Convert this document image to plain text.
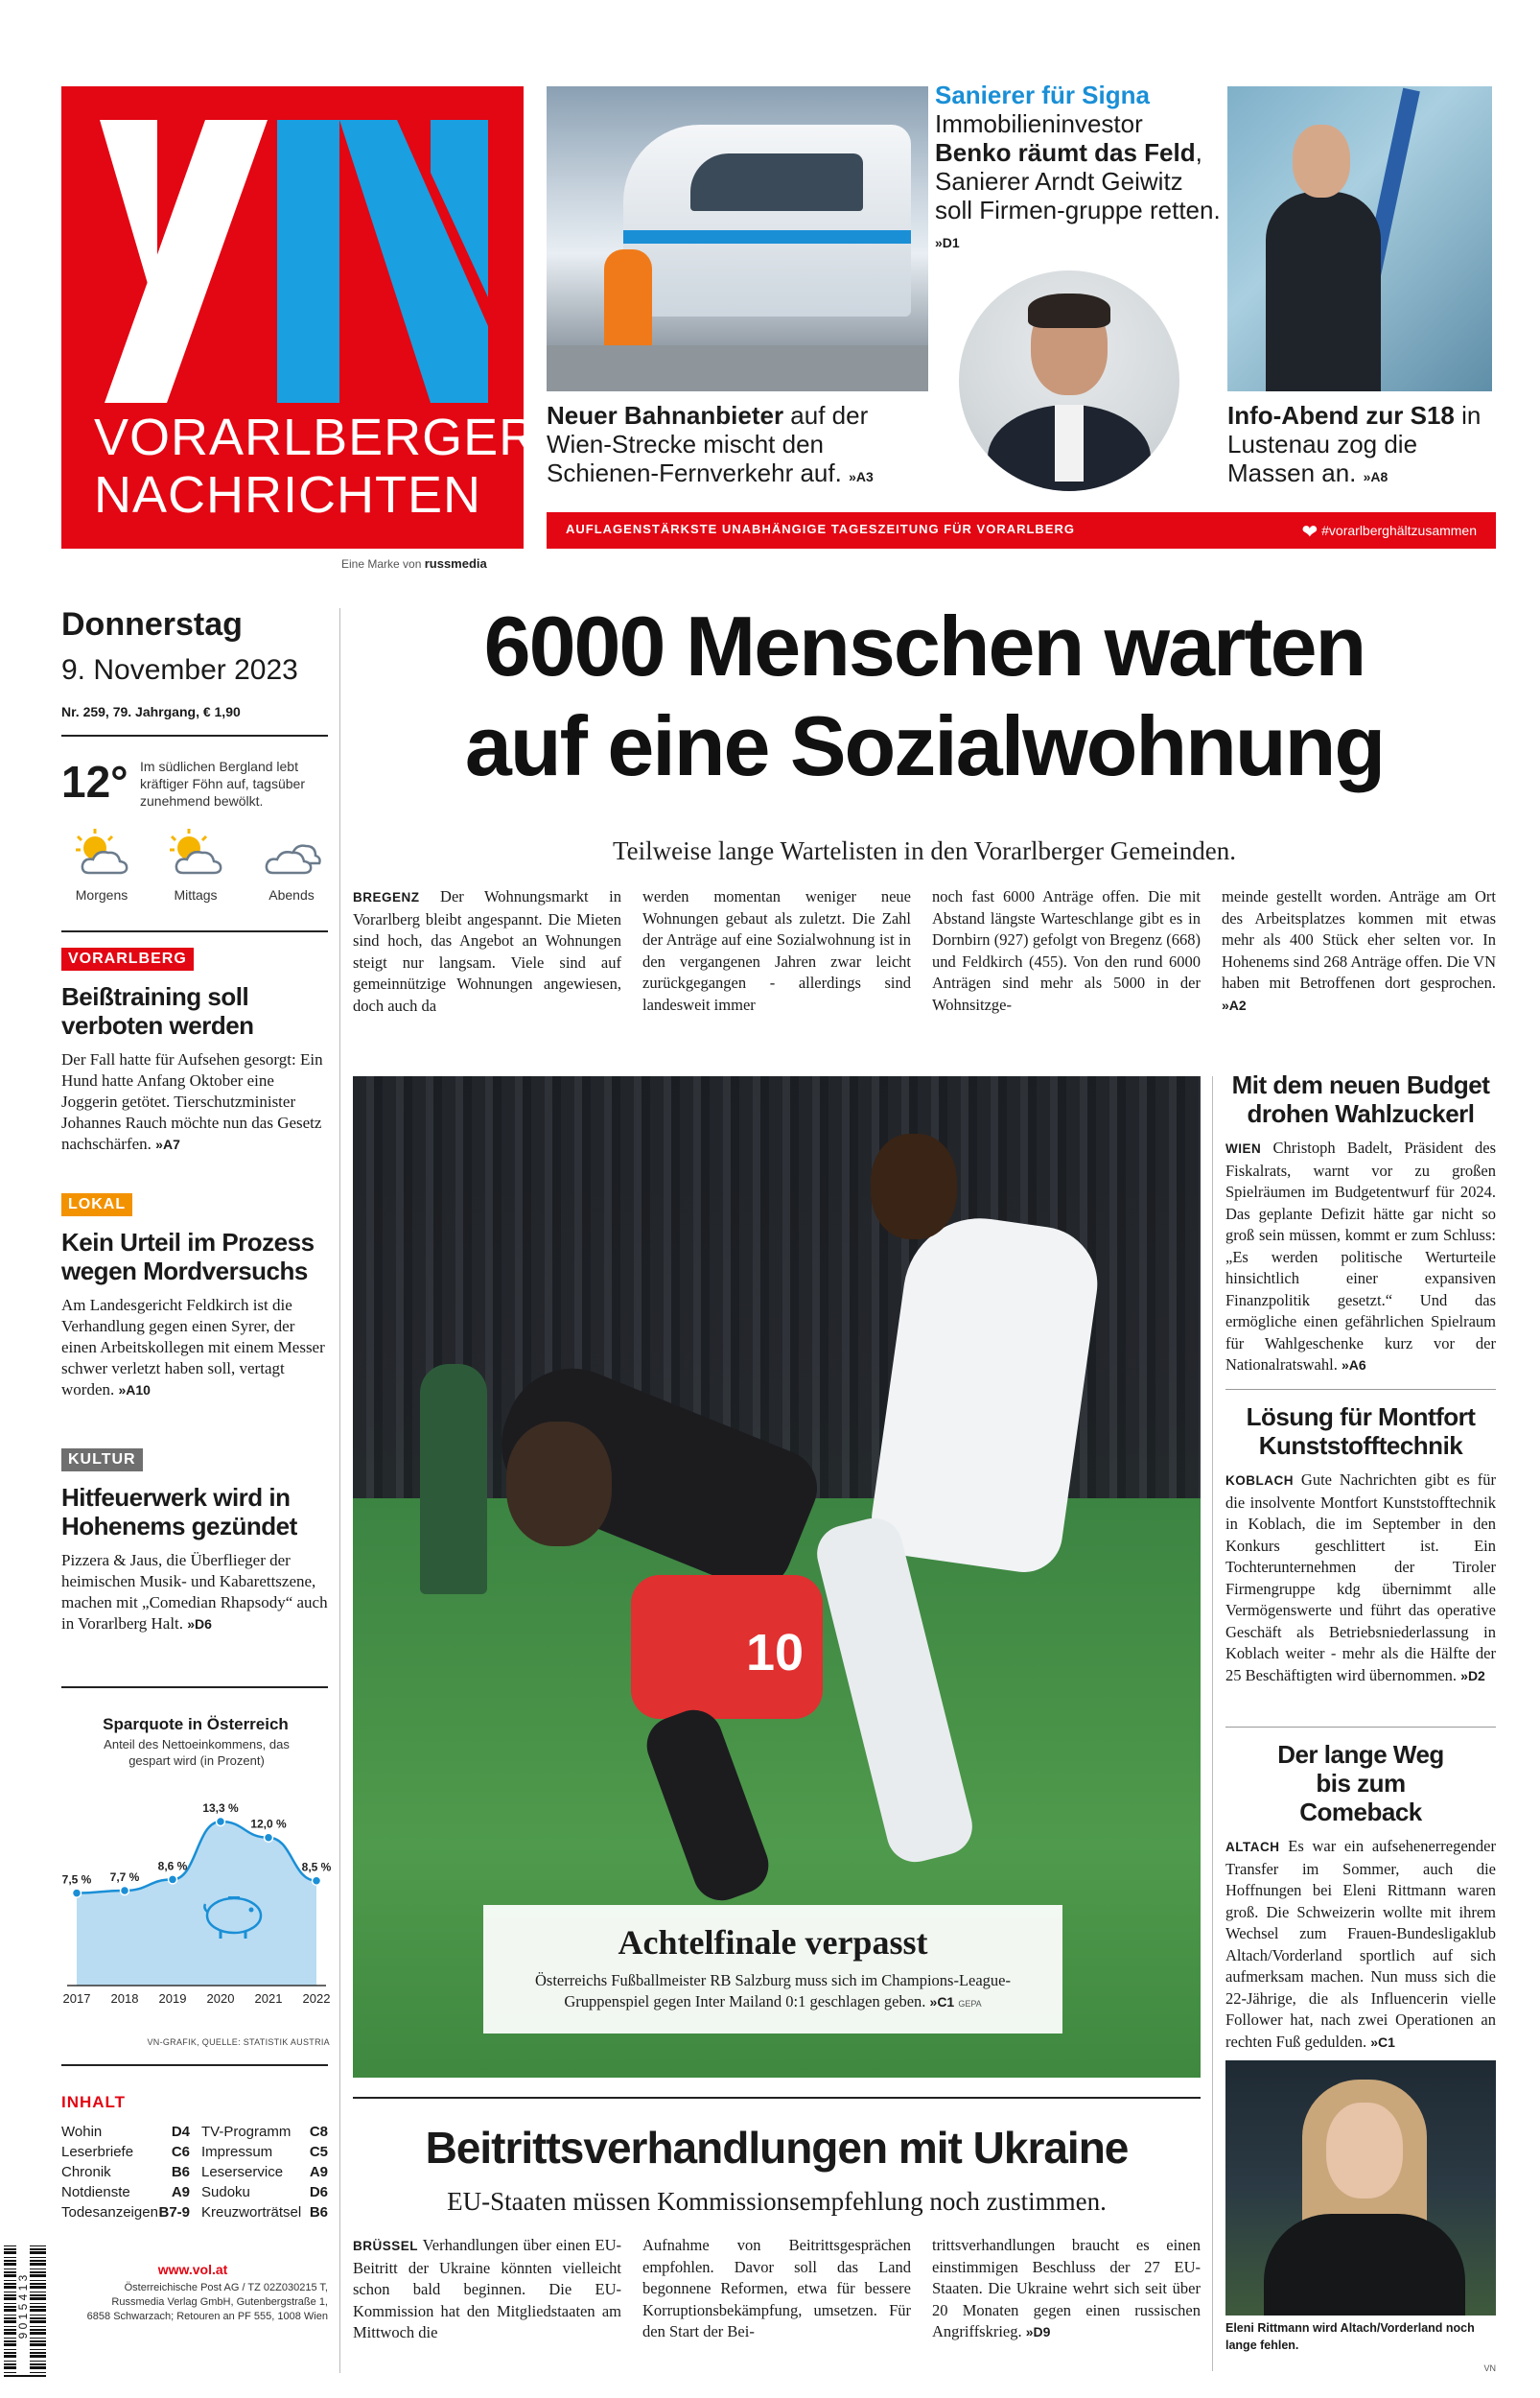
VORARLBERGER
NACHRICHTEN
Eine Marke von russmedia
Neuer Bahnanbieter auf der Wien-Strecke mischt den Schienen-Fernverkehr auf. »A3
Sanierer für Signa
Immobilieninvestor
Benko räumt das Feld, Sanierer Arndt Geiwitz soll Firmen-gruppe retten. »D1
Info-Abend zur S18 in Lustenau zog die Massen an. »A8
AUFLAGENSTÄRKSTE UNABHÄNGIGE TAGESZEITUNG FÜR VORARLBERG	❤ #vorarlberghältzusammen
Donnerstag
9. November 2023
Nr. 259, 79. Jahrgang, € 1,90
12° Im südlichen Bergland lebt kräftiger Föhn auf, tagsüber zunehmend bewölkt.
Morgens	Mittags	Abends
VORARLBERG
Beißtraining soll verboten werden
Der Fall hatte für Aufsehen gesorgt: Ein Hund hatte Anfang Oktober eine Joggerin getötet. Tierschutzminister Johannes Rauch möchte nun das Gesetz nachschärfen. »A7
LOKAL
Kein Urteil im Prozess wegen Mordversuchs
Am Landesgericht Feldkirch ist die Verhandlung gegen einen Syrer, der einen Arbeitskollegen mit einem Messer schwer verletzt haben soll, vertagt worden. »A10
KULTUR
Hitfeuerwerk wird in Hohenems gezündet
Pizzera & Jaus, die Überflieger der heimischen Musik- und Kabarettszene, machen mit „Comedian Rhapsody“ auch in Vorarlberg Halt. »D6
Sparquote in Österreich
Anteil des Nettoeinkommens, das gespart wird (in Prozent)
7,5 %
2017
7,7 %
2018
8,6 %
2019
13,3 %
2020
12,0 %
2021
8,5 %
2022
VN-GRAFIK, QUELLE: STATISTIK AUSTRIA
INHALT
Wohin	D4
Leserbriefe	C6
Chronik	B6
Notdienste	A9
Todesanzeigen B7-9
TV-Programm C8
Impressum	C5
Leserservice A9
Sudoku	D6
Kreuzworträtsel B6
9 0 1 5 4 1 3
www.vol.at
Österreichische Post AG / TZ 02Z030215 T,
Russmedia Verlag GmbH, Gutenbergstraße 1,
6858 Schwarzach; Retouren an PF 555, 1008 Wien
6000 Menschen warten
auf eine Sozialwohnung
Teilweise lange Wartelisten in den Vorarlberger Gemeinden.
BREGENZ Der Wohnungsmarkt in Vorarlberg bleibt angespannt. Die Mieten sind hoch, das Angebot an Wohnungen steigt nur langsam. Viele sind auf gemeinnützige Wohnungen angewiesen, doch auch da
werden momentan weniger neue Wohnungen gebaut als zuletzt. Die Zahl der Anträge auf eine Sozialwohnung ist in den vergangenen Jahren zwar leicht zurückgegangen - allerdings sind landesweit immer
noch fast 6000 Anträge offen. Die mit Abstand längste Warteschlange gibt es in Dornbirn (927) gefolgt von Bregenz (668) und Feldkirch (455). Von den rund 6000 Anträgen sind mehr als 5000 in der Wohnsitzge-
meinde gestellt worden. Anträge am Ort des Arbeitsplatzes kommen mit etwas mehr als 400 Stück eher selten vor. In Hohenems sind 268 Anträge offen. Die VN haben mit Betroffenen dort gesprochen. »A2
10
Achtelfinale verpasst
Österreichs Fußballmeister RB Salzburg muss sich im Champions-League-Gruppenspiel gegen Inter Mailand 0:1 geschlagen geben. »C1 GEPA
Beitrittsverhandlungen mit Ukraine
EU-Staaten müssen Kommissionsempfehlung noch zustimmen.
BRÜSSEL Verhandlungen über einen EU-Beitritt der Ukraine könnten vielleicht schon bald beginnen. Die EU-Kommission hat den Mitgliedstaaten am Mittwoch die
Aufnahme von Beitrittsgesprächen empfohlen. Davor soll das Land begonnene Reformen, etwa für bessere Korruptionsbekämpfung, umsetzen. Für den Start der Bei-
trittsverhandlungen braucht es einen einstimmigen Beschluss der 27 EU-Staaten. Die Ukraine wehrt sich seit über 20 Monaten gegen einen russischen Angriffskrieg. »D9
Mit dem neuen Budget drohen Wahlzuckerl
WIEN Christoph Badelt, Präsident des Fiskalrats, warnt vor zu großen Spielräumen im Budgetentwurf für 2024. Das geplante Defizit hätte gar nicht so groß sein müssen, kommt er zum Schluss: „Es werden politische Werturteile hinsichtlich einer expansiven Finanzpolitik gesetzt.“ Und das ermögliche einen gefährlichen Spielraum für Wahlgeschenke kurz vor der Nationalratswahl. »A6
Lösung für Montfort Kunststofftechnik
KOBLACH Gute Nachrichten gibt es für die insolvente Montfort Kunststofftechnik in Koblach, die im September in den Konkurs geschlittert ist. Ein Tochterunternehmen der Tiroler Firmengruppe kdg übernimmt alle Vermögenswerte und führt das operative Geschäft als Betriebsniederlassung in Koblach weiter - mehr als die Hälfte der 25 Beschäftigten wird übernommen. »D2
Der lange Weg bis zum Comeback
ALTACH Es war ein aufsehenerregender Transfer im Sommer, auch die Hoffnungen bei Eleni Rittmann waren groß. Die Schweizerin wollte mit ihrem Wechsel zum Frauen-Bundesligaklub Altach/Vorderland sportlich auf sich aufmerksam machen. Nun muss sich die 22-Jährige, die als Influencerin vielle Follower hat, nach zwei Operationen an rechten Fuß gedulden. »C1
Eleni Rittmann wird Altach/Vorderland noch lange fehlen.
VN
